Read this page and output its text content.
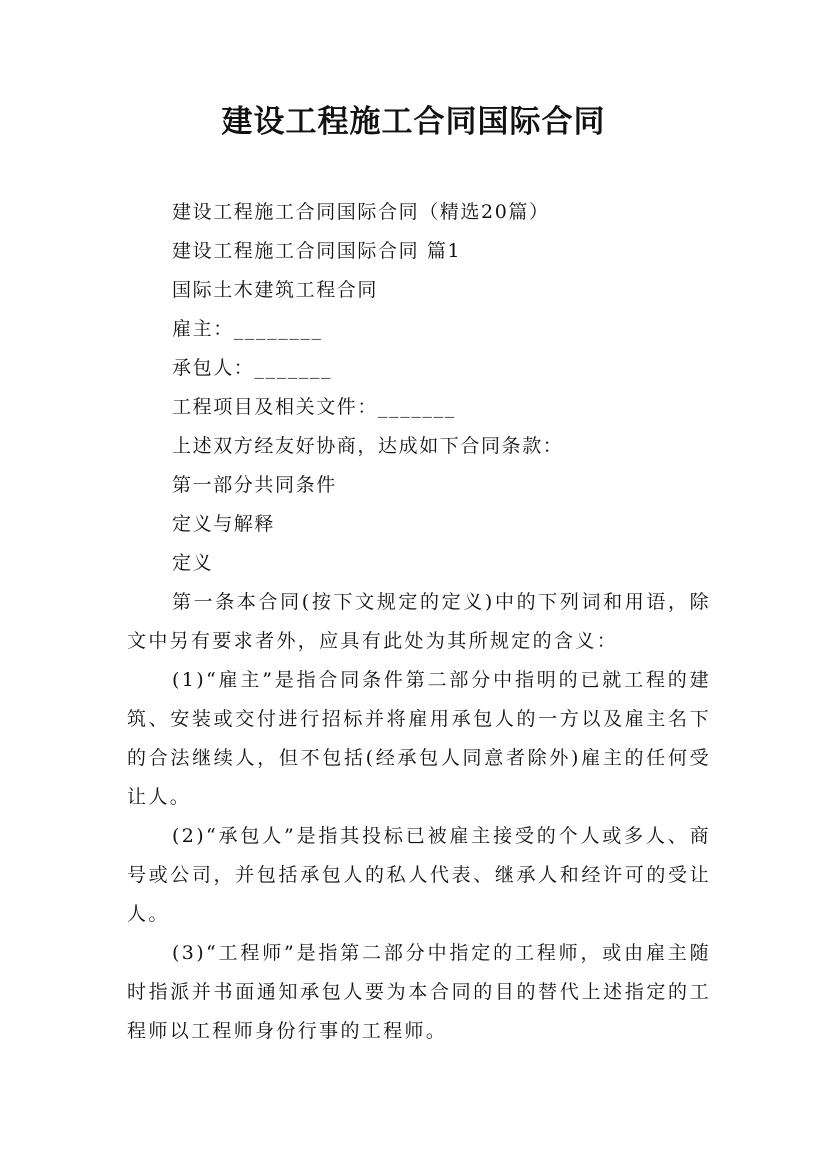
建设工程施工合同国际合同

建设工程施工合同国际合同（精选20篇）

建设工程施工合同国际合同 篇1

国际土木建筑工程合同

雇主：________

承包人：_______

工程项目及相关文件：_______

上述双方经友好协商，达成如下合同条款：

第一部分共同条件

定义与解释

定义

第一条本合同(按下文规定的定义)中的下列词和用语，除文中另有要求者外，应具有此处为其所规定的含义：

(1)“雇主”是指合同条件第二部分中指明的已就工程的建筑、安装或交付进行招标并将雇用承包人的一方以及雇主名下的合法继续人，但不包括(经承包人同意者除外)雇主的任何受让人。

(2)“承包人”是指其投标已被雇主接受的个人或多人、商号或公司，并包括承包人的私人代表、继承人和经许可的受让人。

(3)“工程师”是指第二部分中指定的工程师，或由雇主随时指派并书面通知承包人要为本合同的目的替代上述指定的工程师以工程师身份行事的工程师。
